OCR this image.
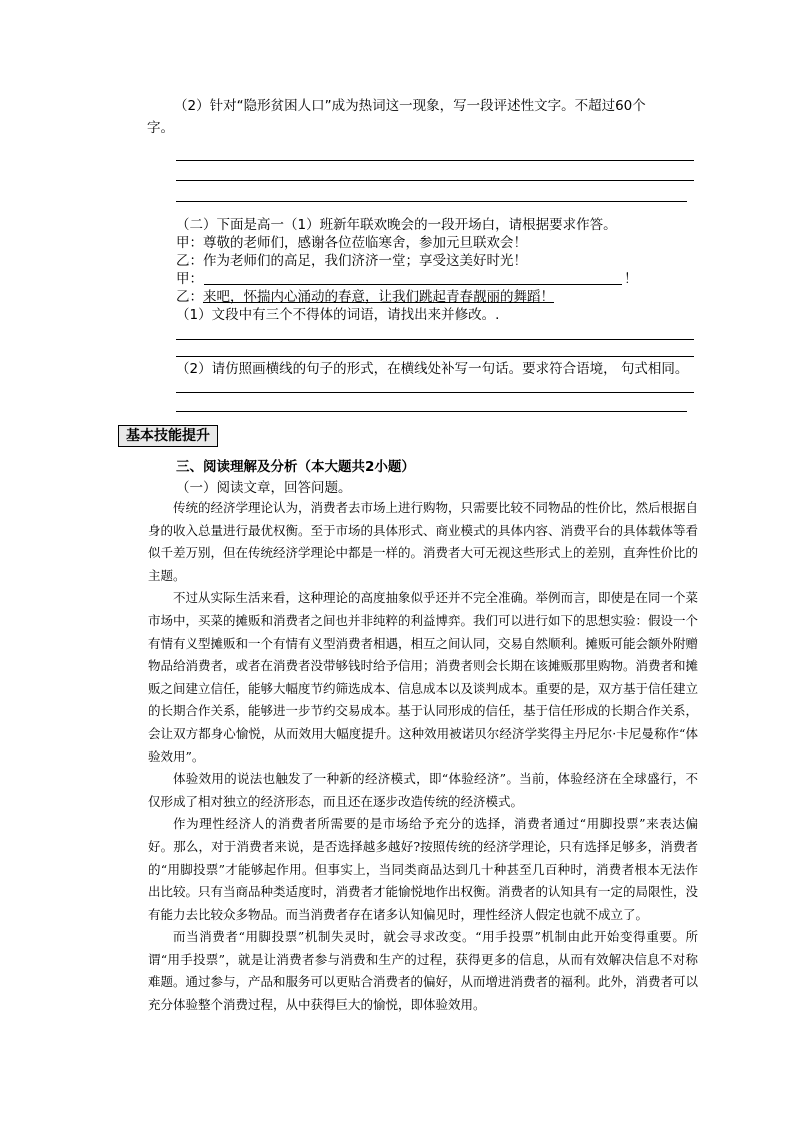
（2）针对“隐形贫困人口”成为热词这一现象，写一段评述性文字。不超过60个
字。
（二）下面是高一（1）班新年联欢晚会的一段开场白，请根据要求作答。
甲：尊敬的老师们，感谢各位莅临寒舍，参加元旦联欢会！
乙：作为老师们的高足，我们济济一堂；享受这美好时光！
甲：	！
乙：来吧，怀揣内心涌动的春意，让我们跳起青春靓丽的舞蹈！
（1）文段中有三个不得体的词语，请找出来并修改。.
（2）请仿照画横线的句子的形式，在横线处补写一句话。要求符合语境， 句式相同。
基本技能提升
三、阅读理解及分析（本大题共2小题）
（一）阅读文章，回答问题。

传统的经济学理论认为，消费者去市场上进行购物，只需要比较不同物品的性价比，然后根据自身的收入总量进行最优权衡。至于市场的具体形式、商业模式的具体内容、消费平台的具体载体等看似千差万别，但在传统经济学理论中都是一样的。消费者大可无视这些形式上的差别，直奔性价比的主题。

不过从实际生活来看，这种理论的高度抽象似乎还并不完全准确。举例而言，即使是在同一个菜市场中，买菜的摊贩和消费者之间也并非纯粹的利益博弈。我们可以进行如下的思想实验：假设一个有情有义型摊贩和一个有情有义型消费者相遇，相互之间认同，交易自然顺利。摊贩可能会额外附赠物品给消费者，或者在消费者没带够钱时给予信用；消费者则会长期在该摊贩那里购物。消费者和摊贩之间建立信任，能够大幅度节约筛选成本、信息成本以及谈判成本。重要的是，双方基于信任建立的长期合作关系，能够进一步节约交易成本。基于认同形成的信任，基于信任形成的长期合作关系，会让双方都身心愉悦，从而效用大幅度提升。这种效用被诺贝尔经济学奖得主丹尼尔·卡尼曼称作“体验效用”。

体验效用的说法也触发了一种新的经济模式，即“体验经济”。当前，体验经济在全球盛行，不仅形成了相对独立的经济形态，而且还在逐步改造传统的经济模式。

作为理性经济人的消费者所需要的是市场给予充分的选择，消费者通过“用脚投票”来表达偏好。那么，对于消费者来说，是否选择越多越好?按照传统的经济学理论，只有选择足够多，消费者的“用脚投票”才能够起作用。但事实上，当同类商品达到几十种甚至几百种时，消费者根本无法作出比较。只有当商品种类适度时，消费者才能愉悦地作出权衡。消费者的认知具有一定的局限性，没有能力去比较众多物品。而当消费者存在诸多认知偏见时，理性经济人假定也就不成立了。

而当消费者“用脚投票”机制失灵时，就会寻求改变。“用手投票”机制由此开始变得重要。所谓“用手投票”，就是让消费者参与消费和生产的过程，获得更多的信息，从而有效解决信息不对称难题。通过参与，产品和服务可以更贴合消费者的偏好，从而增进消费者的福利。此外，消费者可以充分体验整个消费过程，从中获得巨大的愉悦，即体验效用。
